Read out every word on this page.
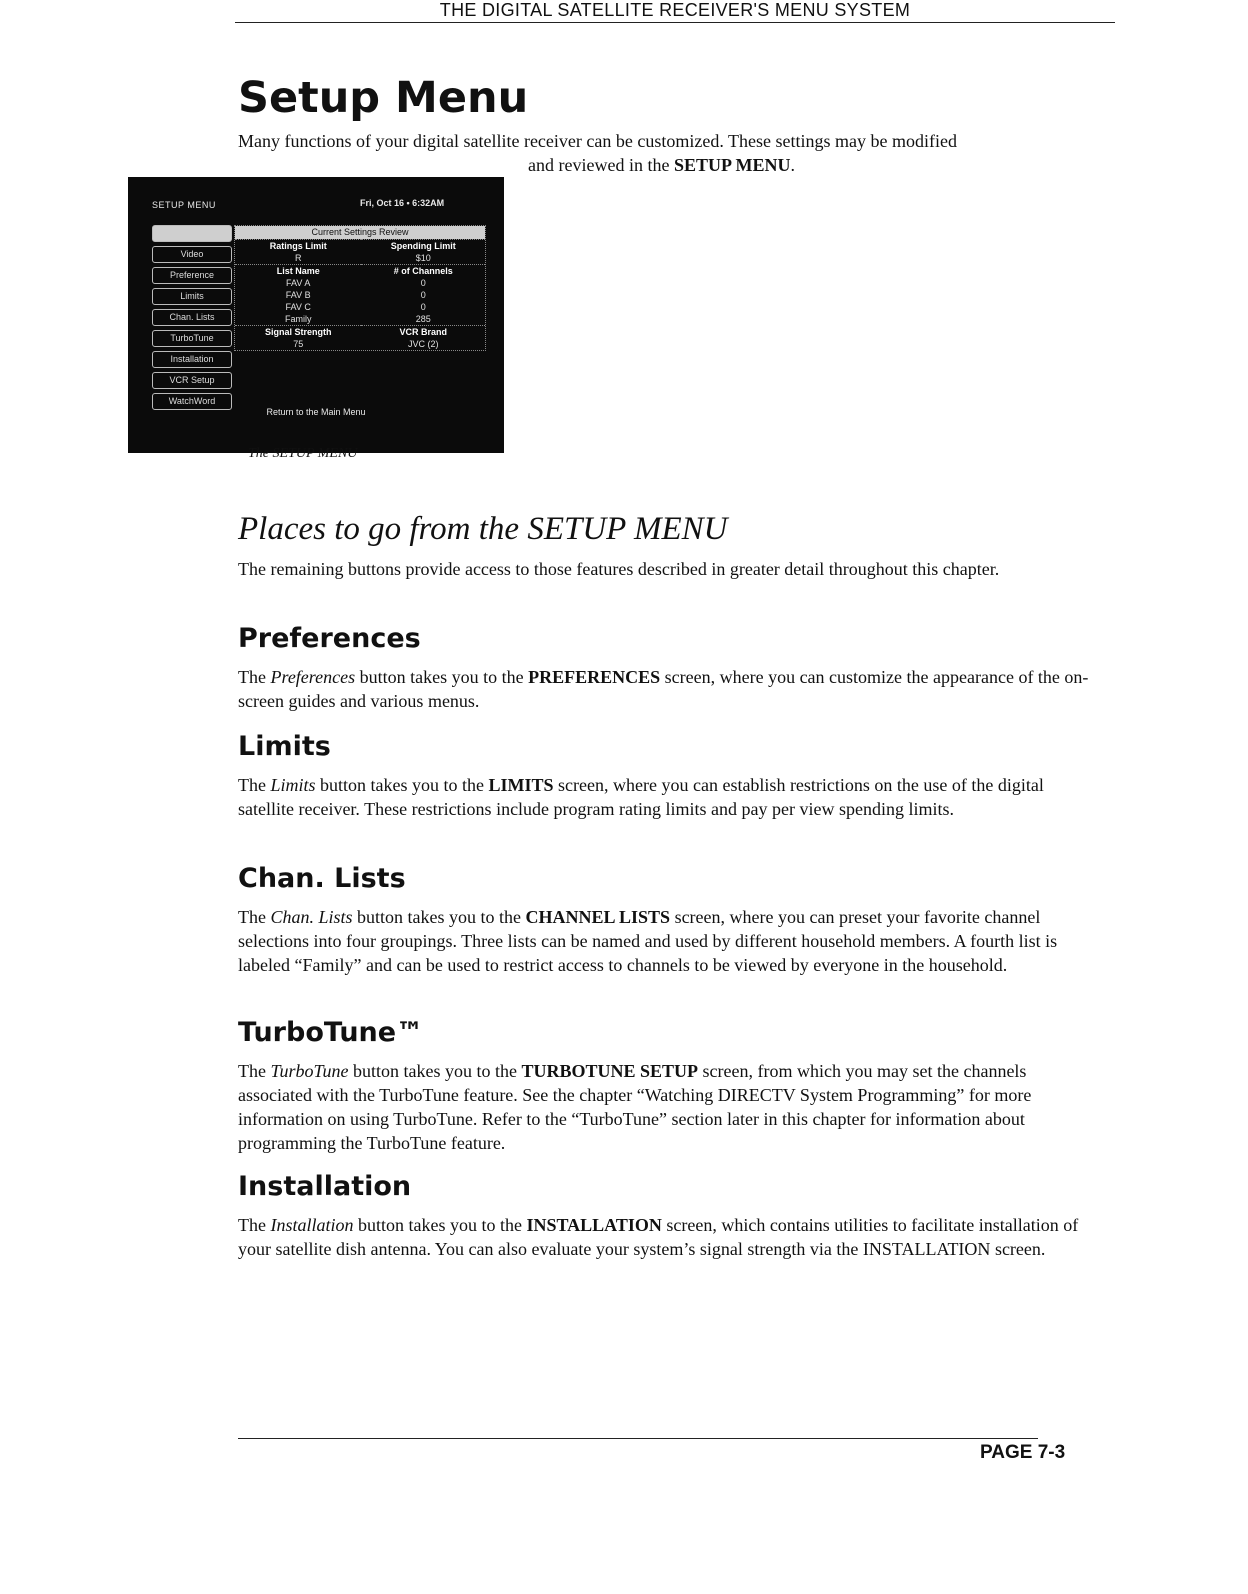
THE DIGITAL SATELLITE RECEIVER'S MENU SYSTEM
Setup Menu

Many functions of your digital satellite receiver can be customized. These settings may be modified
and reviewed in the SETUP MENU.

SETUP MENU	Fri, Oct 16 • 6:32AM
Video
Preference
Limits
Chan. Lists
TurboTune
Installation
VCR Setup
WatchWord
Current Settings Review
Ratings Limit	Spending Limit
R	$10
List Name	# of Channels
FAV A	0
FAV B	0
FAV C	0
Family	285
Signal Strength	VCR Brand
75	JVC (2)
Return to the Main Menu

The SETUP MENU

Places to go from the SETUP MENU

The remaining buttons provide access to those features described in greater detail throughout this chapter.

Preferences

The Preferences button takes you to the PREFERENCES screen, where you can customize the appearance of the on-screen guides and various menus.

Limits

The Limits button takes you to the LIMITS screen, where you can establish restrictions on the use of the digital satellite receiver. These restrictions include program rating limits and pay per view spending limits.

Chan. Lists

The Chan. Lists button takes you to the CHANNEL LISTS screen, where you can preset your favorite channel selections into four groupings. Three lists can be named and used by different household members. A fourth list is labeled “Family” and can be used to restrict access to channels to be viewed by everyone in the household.

TurboTune™

The TurboTune button takes you to the TURBOTUNE SETUP screen, from which you may set the channels associated with the TurboTune feature. See the chapter “Watching DIRECTV System Programming” for more information on using TurboTune. Refer to the “TurboTune” section later in this chapter for information about programming the TurboTune feature.

Installation

The Installation button takes you to the INSTALLATION screen, which contains utilities to facilitate installation of your satellite dish antenna. You can also evaluate your system’s signal strength via the INSTALLATION screen.

PAGE 7-3
